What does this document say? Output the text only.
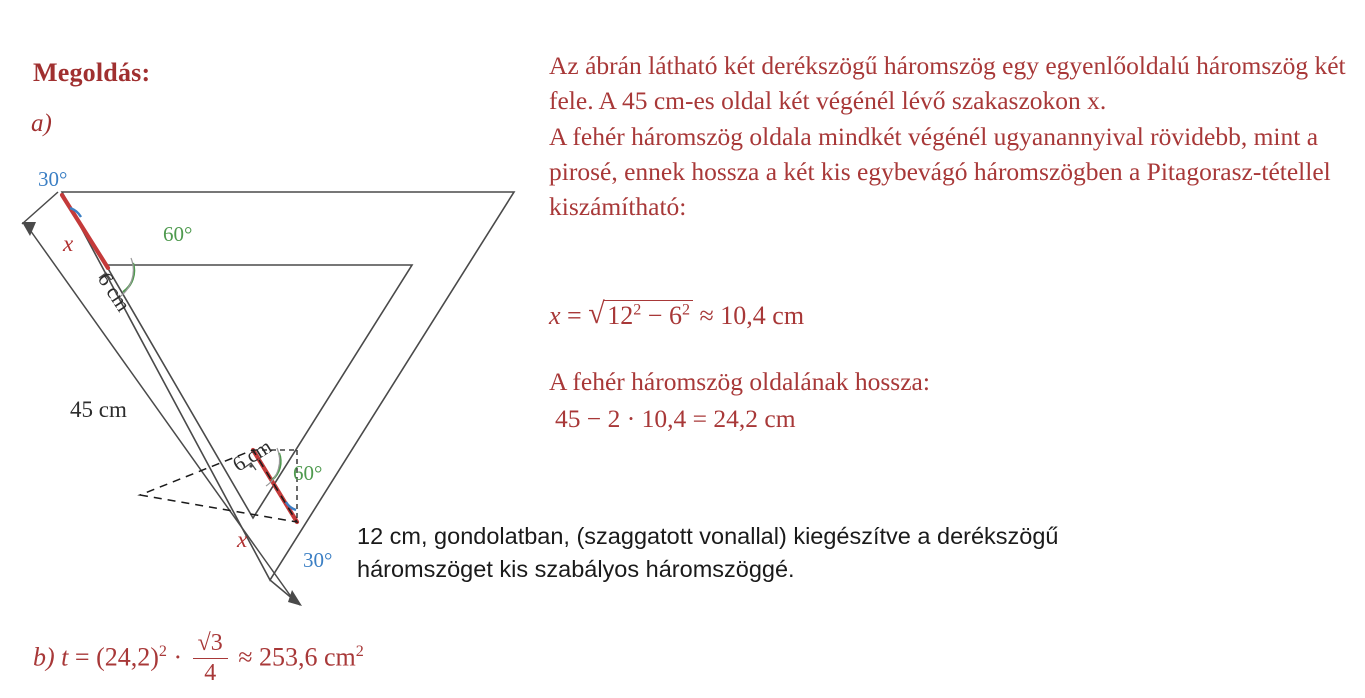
Megoldás:
a)
30°
60°
x
6 cm
45 cm
6 cm 60°
x
30°

Az ábrán látható két derékszögű háromszög egy egyenlőoldalú háromszög két fele. A 45 cm-es oldal két végénél lévő szakaszokon x.

A fehér háromszög oldala mindkét végénél ugyanannyival rövidebb, mint a pirosé, ennek hossza a két kis egybevágó háromszögben a Pitagorasz-tétellel kiszámítható:

x = √ $12^2 - 6^2 \approx 10,4$ cm
A fehér háromszög oldalának hossza:
45 − 2 · 10,4 = 24,2 cm
12 cm, gondolatban, (szaggatott vonallal) kiegészítve a derékszögű háromszöget kis szabályos háromszöggé.
b) $t = (24,2)^2 \cdot \frac{√3}{4} \approx 253,6$ $cm^2$
